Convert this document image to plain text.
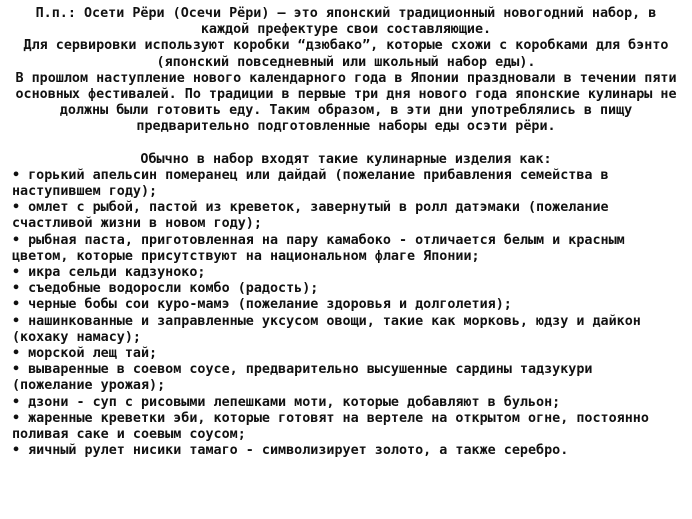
П.п.: Осети Рёри (Осечи Рёри) – это японский традиционный новогодний набор, в каждой префектуре свои составляющие.

Для сервировки используют коробки “дзюбако”, которые схожи с коробками для бэнто (японский повседневный или школьный набор еды).

В прошлом наступление нового календарного года в Японии праздновали в течении пяти основных фестивалей. По традиции в первые три дня нового года японские кулинары не должны были готовить еду. Таким образом, в эти дни употреблялись в пищу предварительно подготовленные наборы еды осэти рёри.

Обычно в набор входят такие кулинарные изделия как:

• горький апельсин померанец или дайдай (пожелание прибавления семейства в наступившем году);
• омлет с рыбой, пастой из креветок, завернутый в ролл датэмаки (пожелание счастливой жизни в новом году);
• рыбная паста, приготовленная на пару камабоко - отличается белым и красным цветом, которые присутствуют на национальном флаге Японии;
• икра сельди кадзуноко;
• съедобные водоросли комбо (радость);
• черные бобы сои куро-мамэ (пожелание здоровья и долголетия);
• нашинкованные и заправленные уксусом овощи, такие как морковь, юдзу и дайкон (кохаку намасу);
• морской лещ тай;
• вываренные в соевом соусе, предварительно высушенные сардины тадзукури (пожелание урожая);
• дзони - суп с рисовыми лепешками моти, которые добавляют в бульон;
• жаренные креветки эби, которые готовят на вертеле на открытом огне, постоянно поливая саке и соевым соусом;
• яичный рулет нисики тамаго - символизирует золото, а также серебро.
